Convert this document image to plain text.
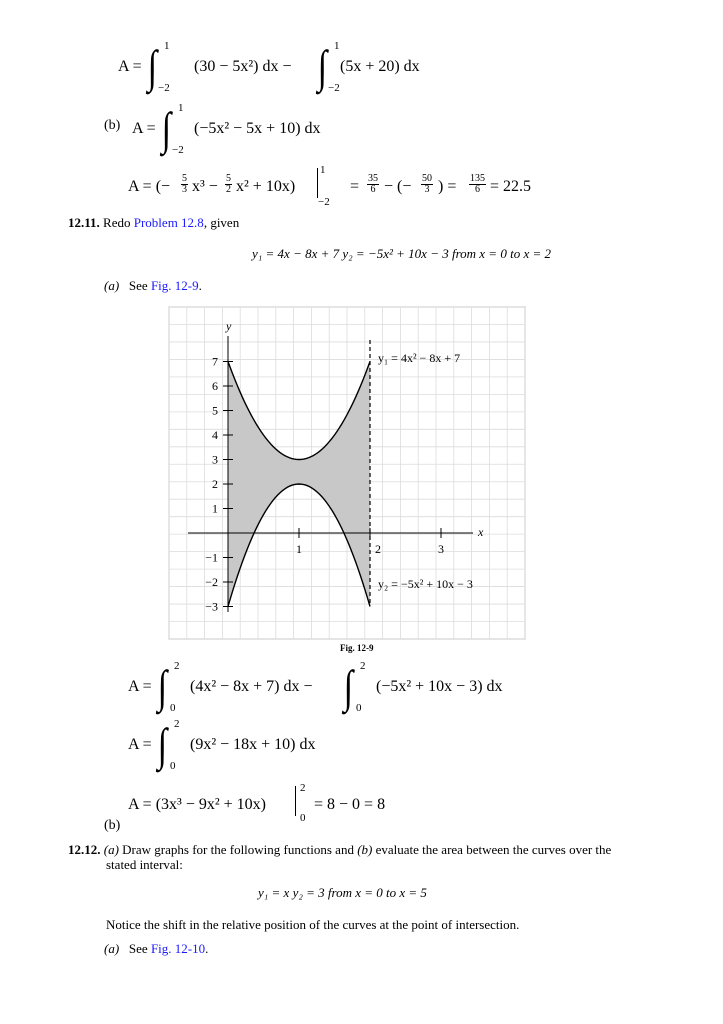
A = ∫ 1
−2
(30 − 5x²) dx − ∫ 1
−2
(5x + 20) dx
(b) A = ∫ 1
−2
(−5x² − 5x + 10) dx
A = (− $\frac{5}{3} x^3 - \frac{5}{2} x^2 + 10x$)
1
−2
= $\frac{35}{6}$ − (− $\frac{50}{3}$ ) = $\frac{135}{6} = 22.5$
12.11. Redo Problem 12.8, given
y₁ = 4x − 8x + 7 y₂ = −5x² + 10x − 3 from x = 0 to x = 2
(a) See Fig. 12-9.
1	2	3
7
6
5
4
3
2
1
−1
−2
−3
y
x
y₁ = 4x² − 8x + 7
y₂ = −5x² + 10x − 3
Fig. 12-9
A = ∫ 2
0
(4x² − 8x + 7) dx − ∫ 2
0
(−5x² + 10x − 3) dx
A = ∫ 2
0
(9x² − 18x + 10) dx
A = (3x³ − 9x² + 10x)
2
0
= 8 − 0 = 8
(b)
12.12. (a) Draw graphs for the following functions and (b) evaluate the area between the curves over the
stated interval:
y₁ = x y₂ = 3 from x = 0 to x = 5
Notice the shift in the relative position of the curves at the point of intersection.
(a) See Fig. 12-10.
